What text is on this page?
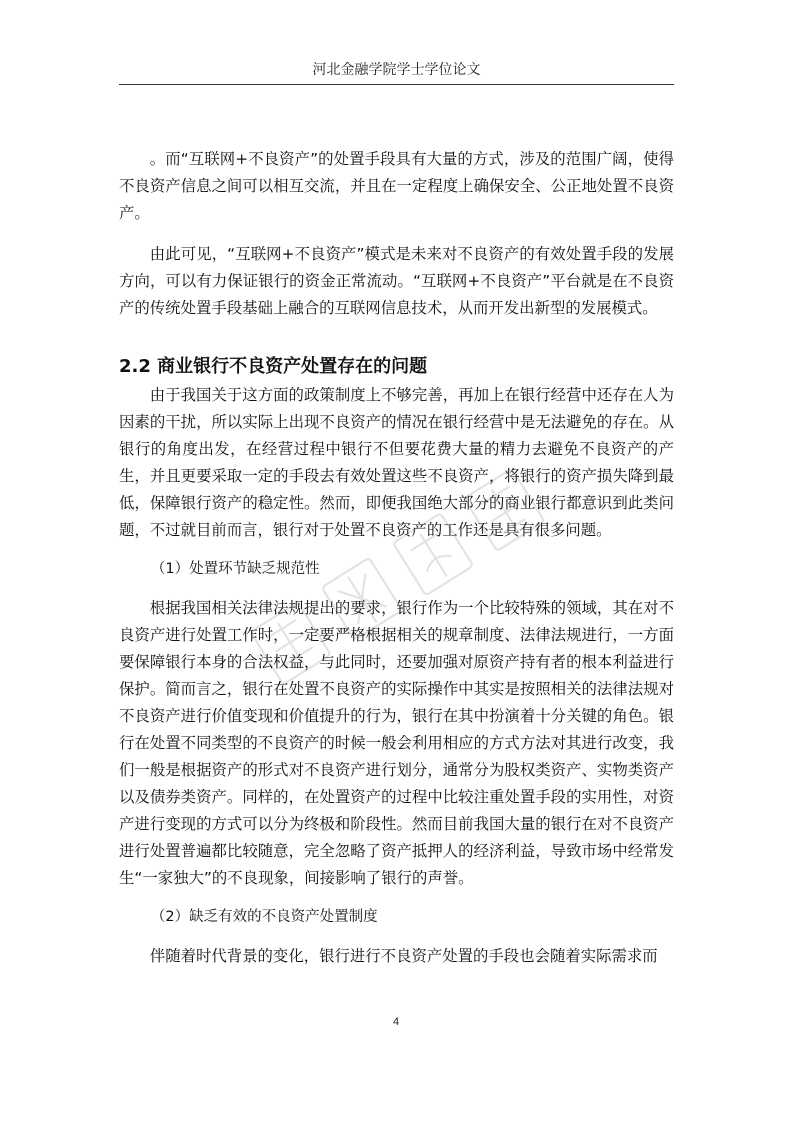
河北金融学院学士学位论文

。而“互联网+不良资产”的处置手段具有大量的方式，涉及的范围广阔，使得不良资产信息之间可以相互交流，并且在一定程度上确保安全、公正地处置不良资产。

由此可见，“互联网+不良资产”模式是未来对不良资产的有效处置手段的发展方向，可以有力保证银行的资金正常流动。“互联网+不良资产”平台就是在不良资产的传统处置手段基础上融合的互联网信息技术，从而开发出新型的发展模式。

2.2 商业银行不良资产处置存在的问题

由于我国关于这方面的政策制度上不够完善，再加上在银行经营中还存在人为因素的干扰，所以实际上出现不良资产的情况在银行经营中是无法避免的存在。从银行的角度出发，在经营过程中银行不但要花费大量的精力去避免不良资产的产生，并且更要采取一定的手段去有效处置这些不良资产，将银行的资产损失降到最低，保障银行资产的稳定性。然而，即便我国绝大部分的商业银行都意识到此类问题，不过就目前而言，银行对于处置不良资产的工作还是具有很多问题。

（1）处置环节缺乏规范性

根据我国相关法律法规提出的要求，银行作为一个比较特殊的领域，其在对不良资产进行处置工作时，一定要严格根据相关的规章制度、法律法规进行，一方面要保障银行本身的合法权益，与此同时，还要加强对原资产持有者的根本利益进行保护。简而言之，银行在处置不良资产的实际操作中其实是按照相关的法律法规对不良资产进行价值变现和价值提升的行为，银行在其中扮演着十分关键的角色。银行在处置不同类型的不良资产的时候一般会利用相应的方式方法对其进行改变，我们一般是根据资产的形式对不良资产进行划分，通常分为股权类资产、实物类资产以及债券类资产。同样的，在处置资产的过程中比较注重处置手段的实用性，对资产进行变现的方式可以分为终极和阶段性。然而目前我国大量的银行在对不良资产进行处置普遍都比较随意，完全忽略了资产抵押人的经济利益，导致市场中经常发生“一家独大”的不良现象，间接影响了银行的声誉。

（2）缺乏有效的不良资产处置制度

伴随着时代背景的变化，银行进行不良资产处置的手段也会随着实际需求而

4
